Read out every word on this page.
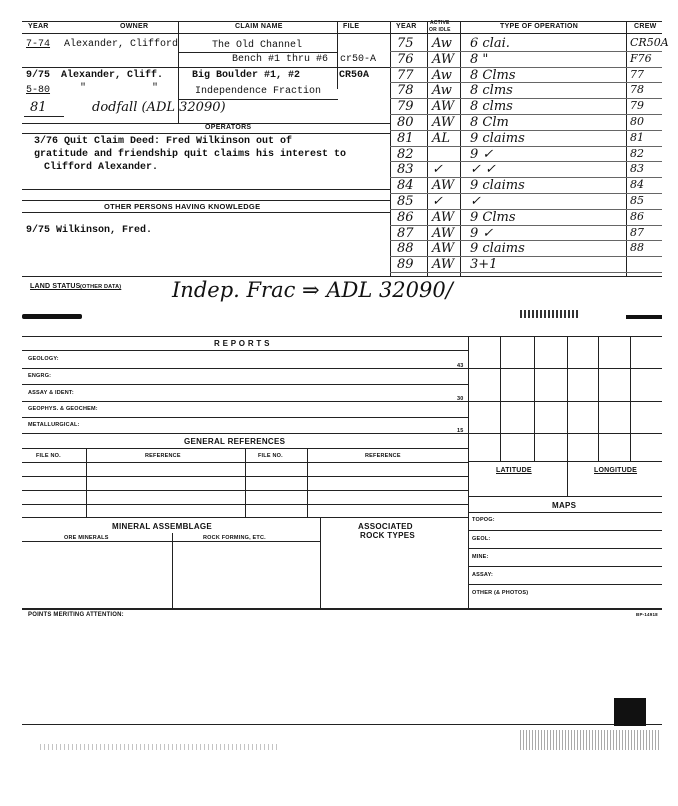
YEAR	OWNER	CLAIM NAME	FILE	YEAR	ACTIVE
OR IDLE	TYPE OF OPERATION	CREW
7-74 Alexander, Clifford	The Old Channel
Bench #1 thru #6 cr50-A
9/75 Alexander, Cliff.	Big Boulder #1, #2	CR50A
5-80	"	"	Independence Fraction
81	dodfall (ADL 32090)
OPERATORS
3/76 Quit Claim Deed: Fred Wilkinson out of
gratitude and friendship quit claims his interest to
Clifford Alexander.
OTHER PERSONS HAVING KNOWLEDGE
9/75 Wilkinson, Fred.
75 Aw 6 clai.	CR50A
76 AW 8 "	F76
77 Aw 8 Clms	77
78 Aw 8 clms	78
79 AW 8 clms	79
80 AW 8 Clm	80
81 AL 9 claims	81
82	9 ✓	82
83 ✓ ✓ ✓	83
84 AW 9 claims	84
85 ✓ ✓	85
86 AW 9 Clms	86
87 AW 9 ✓	87
88 AW 9 claims	88
89 AW 3+1
LAND STATUS (OTHER DATA) Indep. Frac ⇒ ADL 32090/
R E P O R T S
GEOLOGY:
43
ENGRG:
ASSAY & IDENT:
30
GEOPHYS. & GEOCHEM:
METALLURGICAL:
15
LATITUDE	LONGITUDE
GENERAL REFERENCES
FILE NO.	REFERENCE	FILE NO.	REFERENCE
MAPS
TOPOG:
GEOL:
MINE:
ASSAY:
OTHER (& PHOTOS)
MINERAL ASSEMBLAGE
ORE MINERALS	ROCK FORMING, ETC.
ASSOCIATED
ROCK TYPES
POINTS MERITING ATTENTION:	BP-14918
